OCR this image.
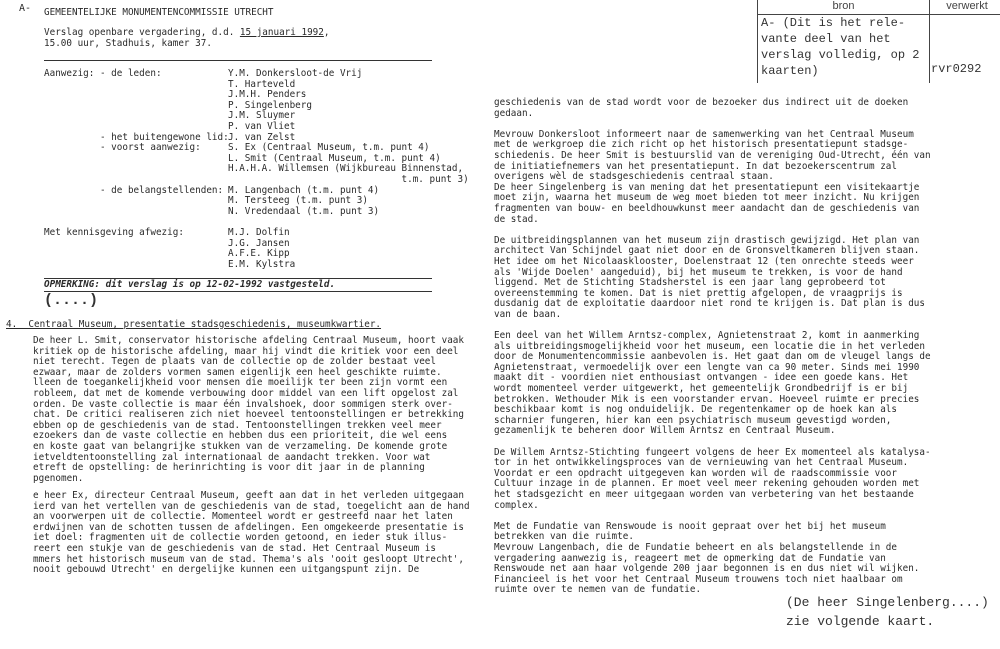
A- GEMEENTELIJKE MONUMENTENCOMMISSIE UTRECHT
Verslag openbare vergadering, d.d. 15 januari 1992,
15.00 uur, Stadhuis, kamer 37.
Aanwezig: - de leden:	Y.M. Donkersloot-de Vrij
T. Harteveld
J.M.H. Penders
P. Singelenberg
J.M. Sluymer
P. van Vliet
- het buitengewone lid: J. van Zelst
- voorst aanwezig:	S. Ex (Centraal Museum, t.m. punt 4)
L. Smit (Centraal Museum, t.m. punt 4)
H.A.H.A. Willemsen (Wijkbureau Binnenstad,
t.m. punt 3)
- de belangstellenden: M. Langenbach (t.m. punt 4)
M. Tersteeg (t.m. punt 3)
N. Vredendaal (t.m. punt 3)
Met kennisgeving afwezig:	M.J. Dolfin
J.G. Jansen
A.F.E. Kipp
E.M. Kylstra
OPMERKING: dit verslag is op 12-02-1992 vastgesteld.
(....)
4.  Centraal Museum, presentatie stadsgeschiedenis, museumkwartier.
De heer L. Smit, conservator historische afdeling Centraal Museum, hoort vaak
kritiek op de historische afdeling, maar hij vindt die kritiek voor een deel
niet terecht. Tegen de plaats van de collectie op de zolder bestaat veel
ezwaar, maar de zolders vormen samen eigenlijk een heel geschikte ruimte.
lleen de toegankelijkheid voor mensen die moeilijk ter been zijn vormt een
robleem, dat met de komende verbouwing door middel van een lift opgelost zal
orden. De vaste collectie is maar één invalshoek, door sommigen sterk over-
chat. De critici realiseren zich niet hoeveel tentoonstellingen er betrekking
ebben op de geschiedenis van de stad. Tentoonstellingen trekken veel meer
ezoekers dan de vaste collectie en hebben dus een prioriteit, die wel eens
en koste gaat van belangrijke stukken van de verzameling. De komende grote
ietveldtentoonstelling zal internationaal de aandacht trekken. Voor wat
etreft de opstelling: de herinrichting is voor dit jaar in de planning
pgenomen.
e heer Ex, directeur Centraal Museum, geeft aan dat in het verleden uitgegaan
ierd van het vertellen van de geschiedenis van de stad, toegelicht aan de hand
an voorwerpen uit de collectie. Momenteel wordt er gestreefd naar het laten
erdwijnen van de schotten tussen de afdelingen. Een omgekeerde presentatie is
iet doel: fragmenten uit de collectie worden getoond, en ieder stuk illus-
reert een stukje van de geschiedenis van de stad. Het Centraal Museum is
mmers het historisch museum van de stad. Thema's als 'ooit gesloopt Utrecht',
nooit gebouwd Utrecht' en dergelijke kunnen een uitgangspunt zijn. De
geschiedenis van de stad wordt voor de bezoeker dus indirect uit de doeken
gedaan.
Mevrouw Donkersloot informeert naar de samenwerking van het Centraal Museum
met de werkgroep die zich richt op het historisch presentatiepunt stadsge-
schiedenis. De heer Smit is bestuurslid van de vereniging Oud-Utrecht, één van
de initiatiefnemers van het presentatiepunt. In dat bezoekerscentrum zal
overigens wèl de stadsgeschiedenis centraal staan.
De heer Singelenberg is van mening dat het presentatiepunt een visitekaartje
moet zijn, waarna het museum de weg moet bieden tot meer inzicht. Nu krijgen
fragmenten van bouw- en beeldhouwkunst meer aandacht dan de geschiedenis van
de stad.
De uitbreidingsplannen van het museum zijn drastisch gewijzigd. Het plan van
architect Van Schijndel gaat niet door en de Gronsveltkameren blijven staan.
Het idee om het Nicolaasklooster, Doelenstraat 12 (ten onrechte steeds weer
als 'Wijde Doelen' aangeduid), bij het museum te trekken, is voor de hand
liggend. Met de Stichting Stadsherstel is een jaar lang geprobeerd tot
overeenstemming te komen. Dat is niet prettig afgelopen, de vraagprijs is
dusdanig dat de exploitatie daardoor niet rond te krijgen is. Dat plan is dus
van de baan.
Een deel van het Willem Arntsz-complex, Agnietenstraat 2, komt in aanmerking
als uitbreidingsmogelijkheid voor het museum, een locatie die in het verleden
door de Monumentencommissie aanbevolen is. Het gaat dan om de vleugel langs de
Agnietenstraat, vermoedelijk over een lengte van ca 90 meter. Sinds mei 1990
maakt dit - voordien niet enthousiast ontvangen - idee een goede kans. Het
wordt momenteel verder uitgewerkt, het gemeentelijk Grondbedrijf is er bij
betrokken. Wethouder Mik is een voorstander ervan. Hoeveel ruimte er precies
beschikbaar komt is nog onduidelijk. De regentenkamer op de hoek kan als
scharnier fungeren, hier kan een psychiatrisch museum gevestigd worden,
gezamenlijk te beheren door Willem Arntsz en Centraal Museum.
De Willem Arntsz-Stichting fungeert volgens de heer Ex momenteel als katalysa-
tor in het ontwikkelingsproces van de vernieuwing van het Centraal Museum.
Voordat er een opdracht uitgegeven kan worden wil de raadscommissie voor
Cultuur inzage in de plannen. Er moet veel meer rekening gehouden worden met
het stadsgezicht en meer uitgegaan worden van verbetering van het bestaande
complex.
Met de Fundatie van Renswoude is nooit gepraat over het bij het museum
betrekken van die ruimte.
Mevrouw Langenbach, die de Fundatie beheert en als belangstellende in de
vergadering aanwezig is, reageert met de opmerking dat de Fundatie van
Renswoude net aan haar volgende 200 jaar begonnen is en dus niet wil wijken.
Financieel is het voor het Centraal Museum trouwens toch niet haalbaar om
ruimte over te nemen van de fundatie.
bron	verwerkt
A- (Dit is het rele-
vante deel van het
verslag volledig, op 2
kaarten)	rvr0292
(De heer Singelenberg....)
zie volgende kaart.
